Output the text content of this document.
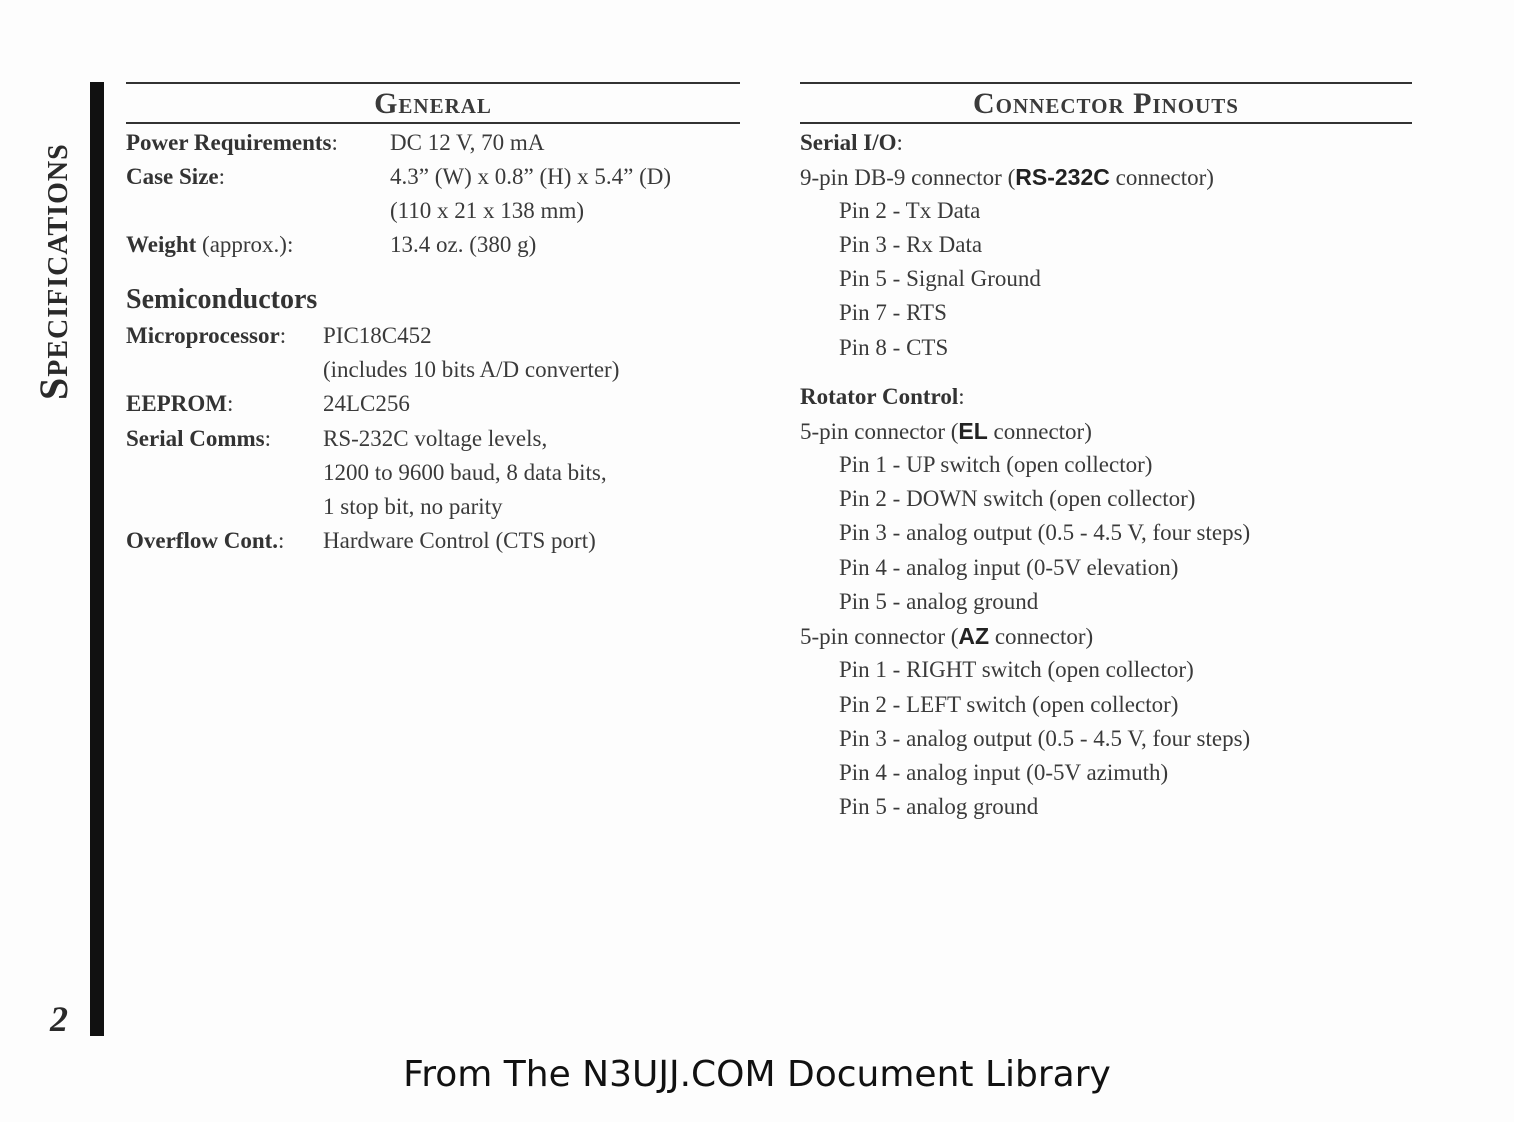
Specifications
2
General
Power Requirements: DC 12 V, 70 mA
Case Size:	4.3” (W) x 0.8” (H) x 5.4” (D)
(110 x 21 x 138 mm)
Weight (approx.):	13.4 oz. (380 g)
Semiconductors
Microprocessor: PIC18C452
(includes 10 bits A/D converter)
EEPROM:	24LC256
Serial Comms: RS-232C voltage levels,
1200 to 9600 baud, 8 data bits,
1 stop bit, no parity
Overflow Cont.: Hardware Control (CTS port)
Connector Pinouts
Serial I/O:
9-pin DB-9 connector (RS-232C connector)
Pin 2 - Tx Data
Pin 3 - Rx Data
Pin 5 - Signal Ground
Pin 7 - RTS
Pin 8 - CTS
Rotator Control:
5-pin connector (EL connector)
Pin 1 - UP switch (open collector)
Pin 2 - DOWN switch (open collector)
Pin 3 - analog output (0.5 - 4.5 V, four steps)
Pin 4 - analog input (0-5V elevation)
Pin 5 - analog ground
5-pin connector (AZ connector)
Pin 1 - RIGHT switch (open collector)
Pin 2 - LEFT switch (open collector)
Pin 3 - analog output (0.5 - 4.5 V, four steps)
Pin 4 - analog input (0-5V azimuth)
Pin 5 - analog ground
From The N3UJJ.COM Document Library
